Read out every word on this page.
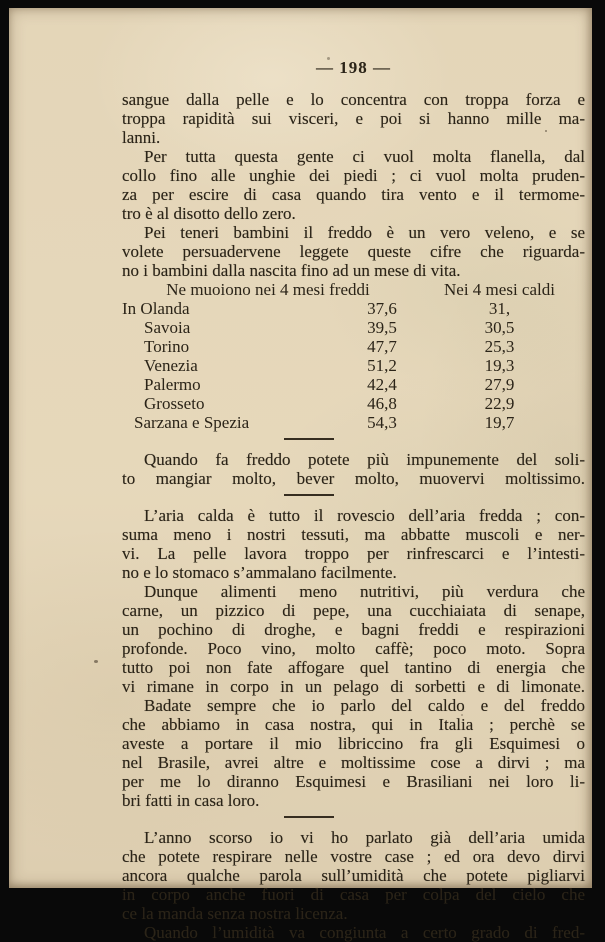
— 198 —
sangue dalla pelle e lo concentra con troppa forza e
troppa rapidità sui visceri, e poi si hanno mille ma-
lanni.
Per tutta questa gente ci vuol molta flanella, dal
collo fino alle unghie dei piedi ; ci vuol molta pruden-
za per escire di casa quando tira vento e il termome-
tro è al disotto dello zero.
Pei teneri bambini il freddo è un vero veleno, e se
volete persuadervene leggete queste cifre che riguarda-
no i bambini dalla nascita fino ad un mese di vita.
Ne muoiono nei 4 mesi freddi	Nei 4 mesi caldi
In Olanda	37,6	31,
Savoia	39,5	30,5
Torino	47,7	25,3
Venezia	51,2	19,3
Palermo	42,4	27,9
Grosseto	46,8	22,9
Sarzana e Spezia	54,3	19,7
Quando fa freddo potete più impunemente del soli-
to mangiar molto, bever molto, muovervi moltissimo.
L’aria calda è tutto il rovescio dell’aria fredda ; con-
suma meno i nostri tessuti, ma abbatte muscoli e ner-
vi. La pelle lavora troppo per rinfrescarci e l’intesti-
no e lo stomaco s’ammalano facilmente.
Dunque alimenti meno nutritivi, più verdura che
carne, un pizzico di pepe, una cucchiaiata di senape,
un pochino di droghe, e bagni freddi e respirazioni
profonde. Poco vino, molto caffè; poco moto. Sopra
tutto poi non fate affogare quel tantino di energia che
vi rimane in corpo in un pelago di sorbetti e di limonate.
Badate sempre che io parlo del caldo e del freddo
che abbiamo in casa nostra, qui in Italia ; perchè se
aveste a portare il mio libriccino fra gli Esquimesi o
nel Brasile, avrei altre e moltissime cose a dirvi ; ma
per me lo diranno Esquimesi e Brasiliani nei loro li-
bri fatti in casa loro.
L’anno scorso io vi ho parlato già dell’aria umida
che potete respirare nelle vostre case ; ed ora devo dirvi
ancora qualche parola sull’umidità che potete pigliarvi
in corpo anche fuori di casa per colpa del cielo che
ce la manda senza nostra licenza.
Quando l’umidità va congiunta a certo grado di fred-
